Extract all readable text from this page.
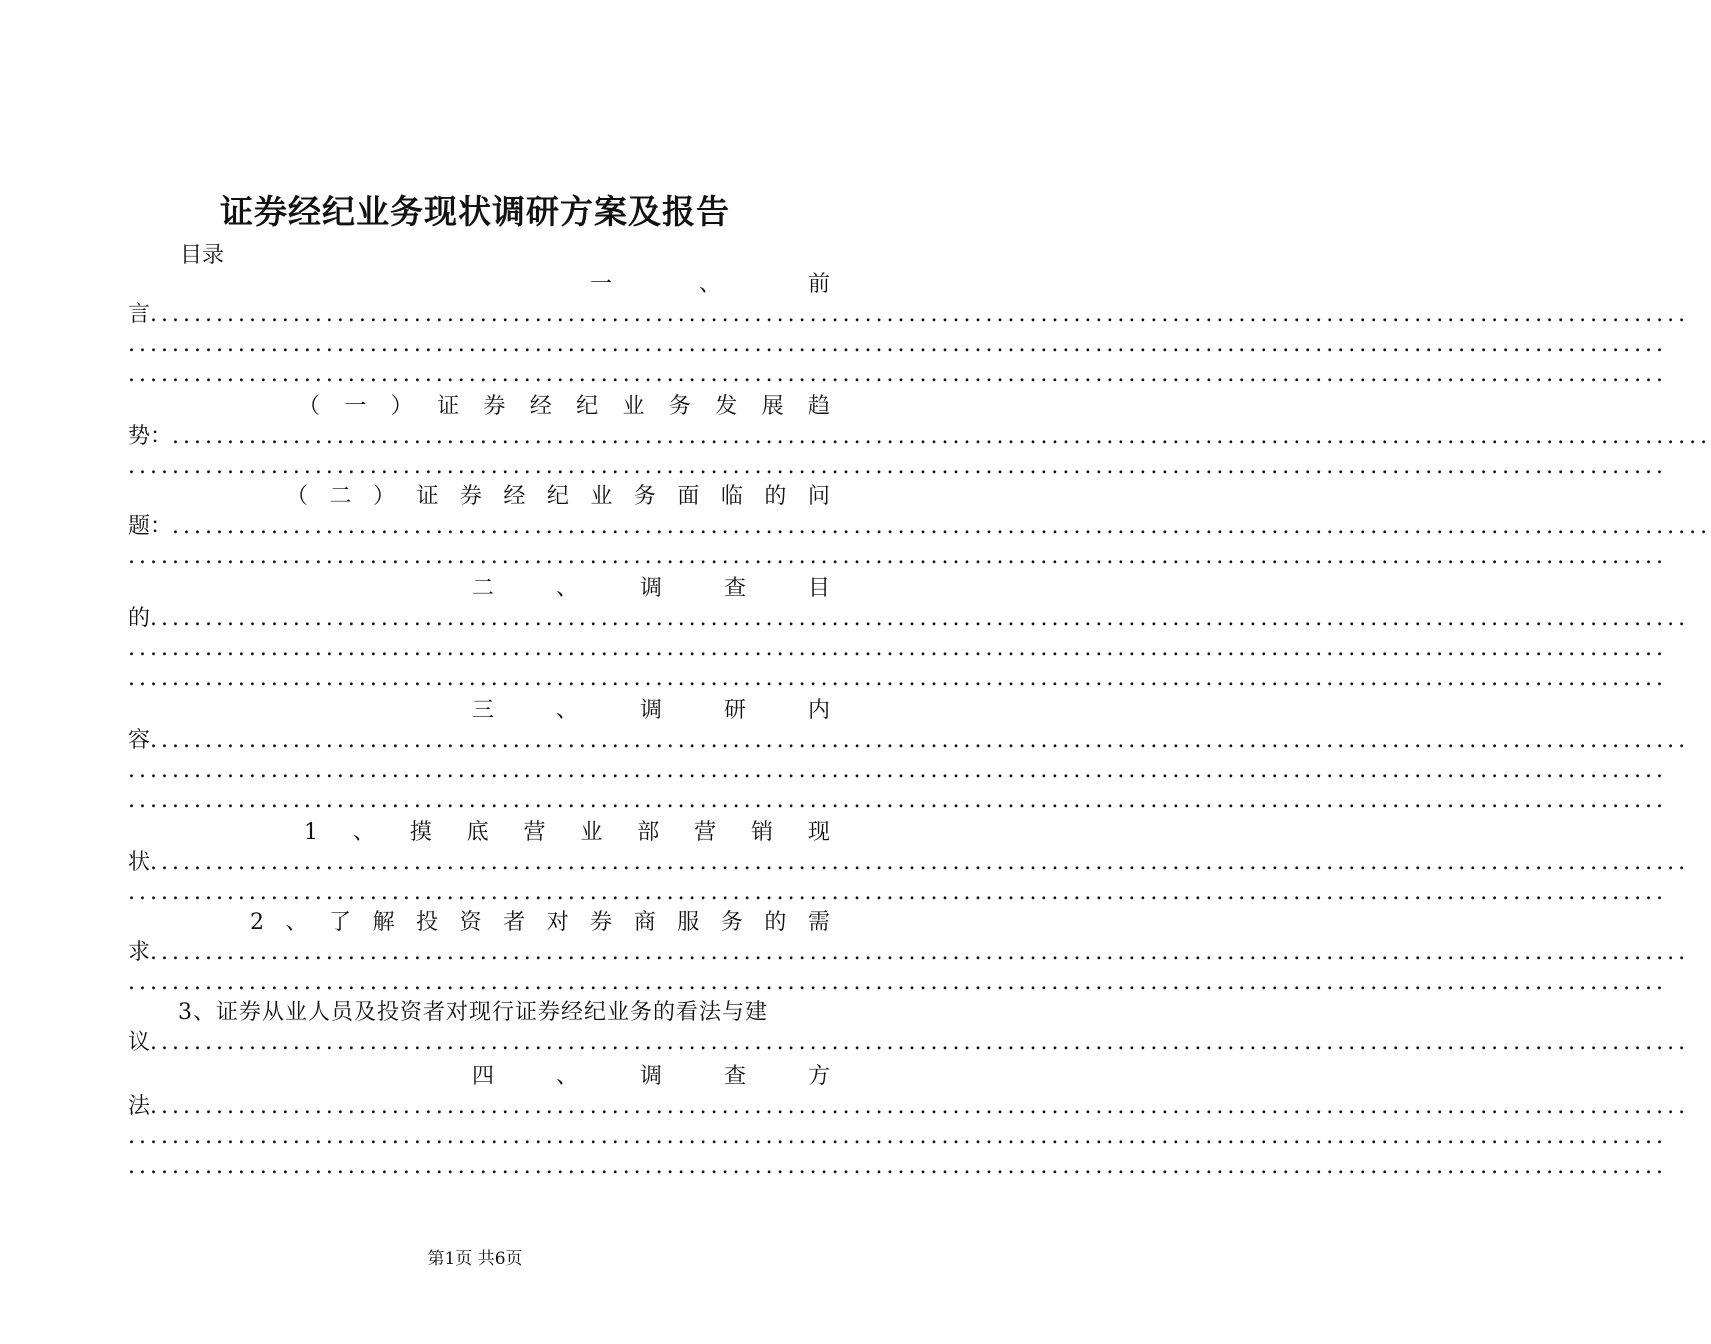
证券经纪业务现状调研方案及报告
目录
一	、	前
言............................................................................................................................................
............................................................................................................................................
............................................................................................................................................
（ 一 ） 证 券 经 纪 业 务 发 展 趋
势：............................................................................................................................................
............................................................................................................................................
（ 二 ） 证 券 经 纪 业 务 面 临 的 问
题：............................................................................................................................................
............................................................................................................................................
二	、	调	查	目
的............................................................................................................................................
............................................................................................................................................
............................................................................................................................................
三	、	调	研	内
容............................................................................................................................................
............................................................................................................................................
............................................................................................................................................
1 、 摸 底 营 业 部 营 销 现
状............................................................................................................................................
............................................................................................................................................
2 、 了 解 投 资 者 对 券 商 服 务 的 需
求............................................................................................................................................
............................................................................................................................................
3、证券从业人员及投资者对现行证券经纪业务的看法与建
议............................................................................................................................................
四	、	调	查	方
法............................................................................................................................................
............................................................................................................................................
............................................................................................................................................
第1页 共6页
